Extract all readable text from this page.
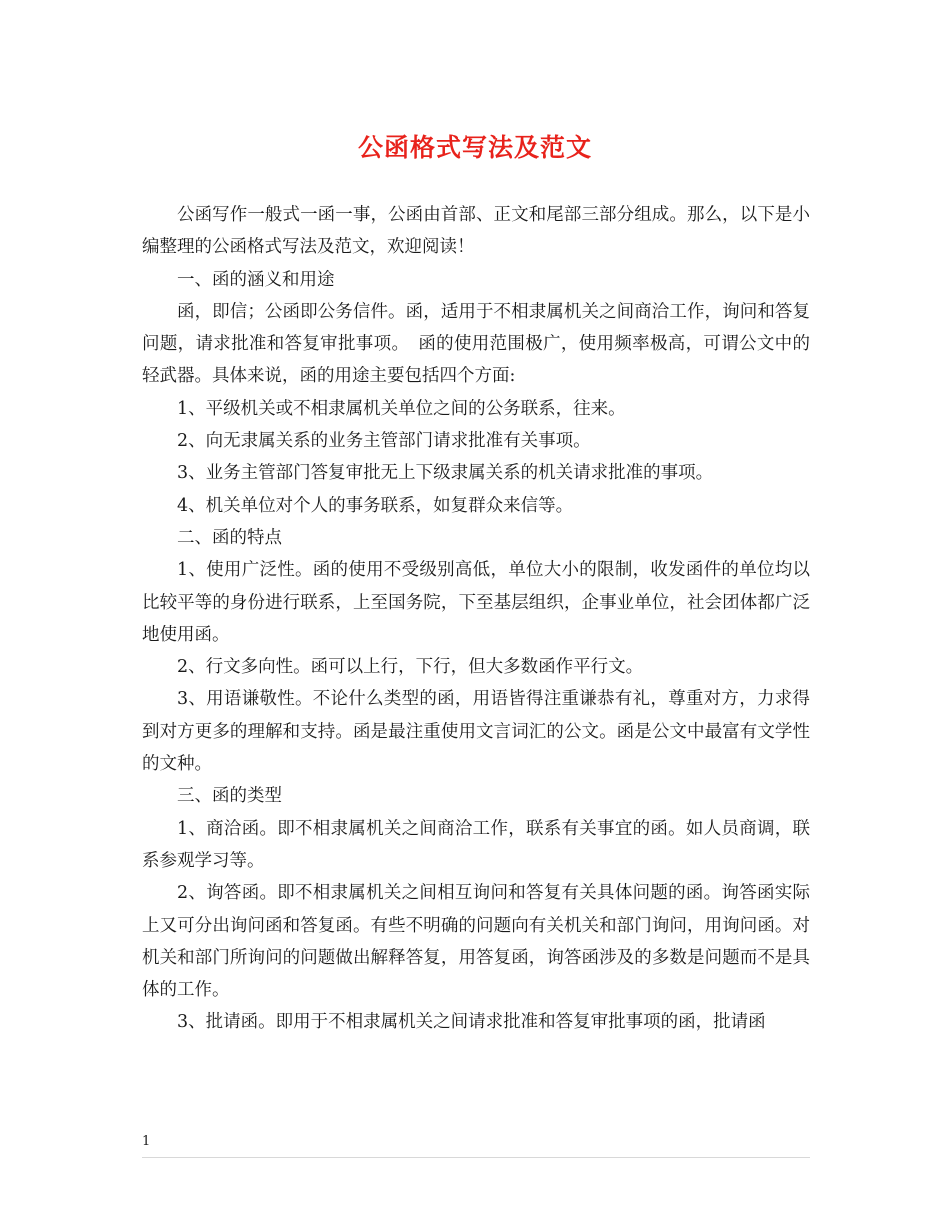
公函格式写法及范文

公函写作一般式一函一事，公函由首部、正文和尾部三部分组成。那么，以下是小编整理的公函格式写法及范文，欢迎阅读！

一、函的涵义和用途

函，即信；公函即公务信件。函，适用于不相隶属机关之间商洽工作，询问和答复问题，请求批准和答复审批事项。　函的使用范围极广，使用频率极高，可谓公文中的轻武器。具体来说，函的用途主要包括四个方面:

1、平级机关或不相隶属机关单位之间的公务联系，往来。

2、向无隶属关系的业务主管部门请求批准有关事项。

3、业务主管部门答复审批无上下级隶属关系的机关请求批准的事项。

4、机关单位对个人的事务联系，如复群众来信等。

二、函的特点

1、使用广泛性。函的使用不受级别高低，单位大小的限制，收发函件的单位均以比较平等的身份进行联系，上至国务院，下至基层组织，企事业单位，社会团体都广泛地使用函。

2、行文多向性。函可以上行，下行，但大多数函作平行文。

3、用语谦敬性。不论什么类型的函，用语皆得注重谦恭有礼，尊重对方，力求得到对方更多的理解和支持。函是最注重使用文言词汇的公文。函是公文中最富有文学性的文种。

三、函的类型

1、商洽函。即不相隶属机关之间商洽工作，联系有关事宜的函。如人员商调，联系参观学习等。

2、询答函。即不相隶属机关之间相互询问和答复有关具体问题的函。询答函实际上又可分出询问函和答复函。有些不明确的问题向有关机关和部门询问，用询问函。对机关和部门所询问的问题做出解释答复，用答复函，询答函涉及的多数是问题而不是具体的工作。

3、批请函。即用于不相隶属机关之间请求批准和答复审批事项的函，批请函

1
